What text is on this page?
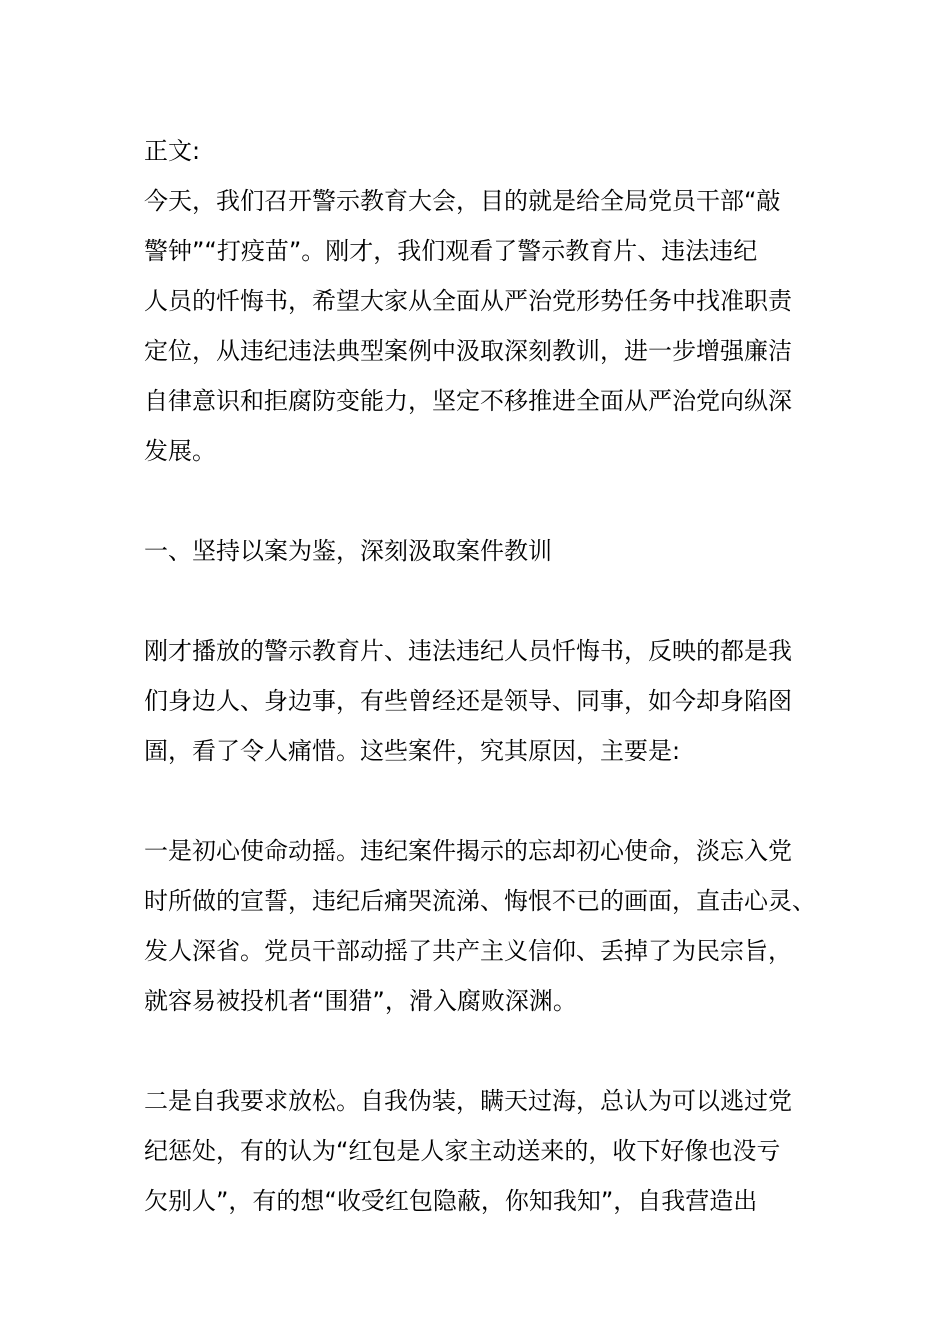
正文:
今天，我们召开警示教育大会，目的就是给全局党员干部“敲
警钟”“打疫苗”。刚才，我们观看了警示教育片、违法违纪
人员的忏悔书，希望大家从全面从严治党形势任务中找准职责
定位，从违纪违法典型案例中汲取深刻教训，进一步增强廉洁
自律意识和拒腐防变能力，坚定不移推进全面从严治党向纵深
发展。
一、坚持以案为鉴，深刻汲取案件教训
刚才播放的警示教育片、违法违纪人员忏悔书，反映的都是我
们身边人、身边事，有些曾经还是领导、同事，如今却身陷囹
圄，看了令人痛惜。这些案件，究其原因，主要是:
一是初心使命动摇。违纪案件揭示的忘却初心使命，淡忘入党
时所做的宣誓，违纪后痛哭流涕、悔恨不已的画面，直击心灵、
发人深省。党员干部动摇了共产主义信仰、丢掉了为民宗旨，
就容易被投机者“围猎”，滑入腐败深渊。
二是自我要求放松。自我伪装，瞒天过海，总认为可以逃过党
纪惩处，有的认为“红包是人家主动送来的，收下好像也没亏
欠别人”，有的想“收受红包隐蔽，你知我知”，自我营造出
